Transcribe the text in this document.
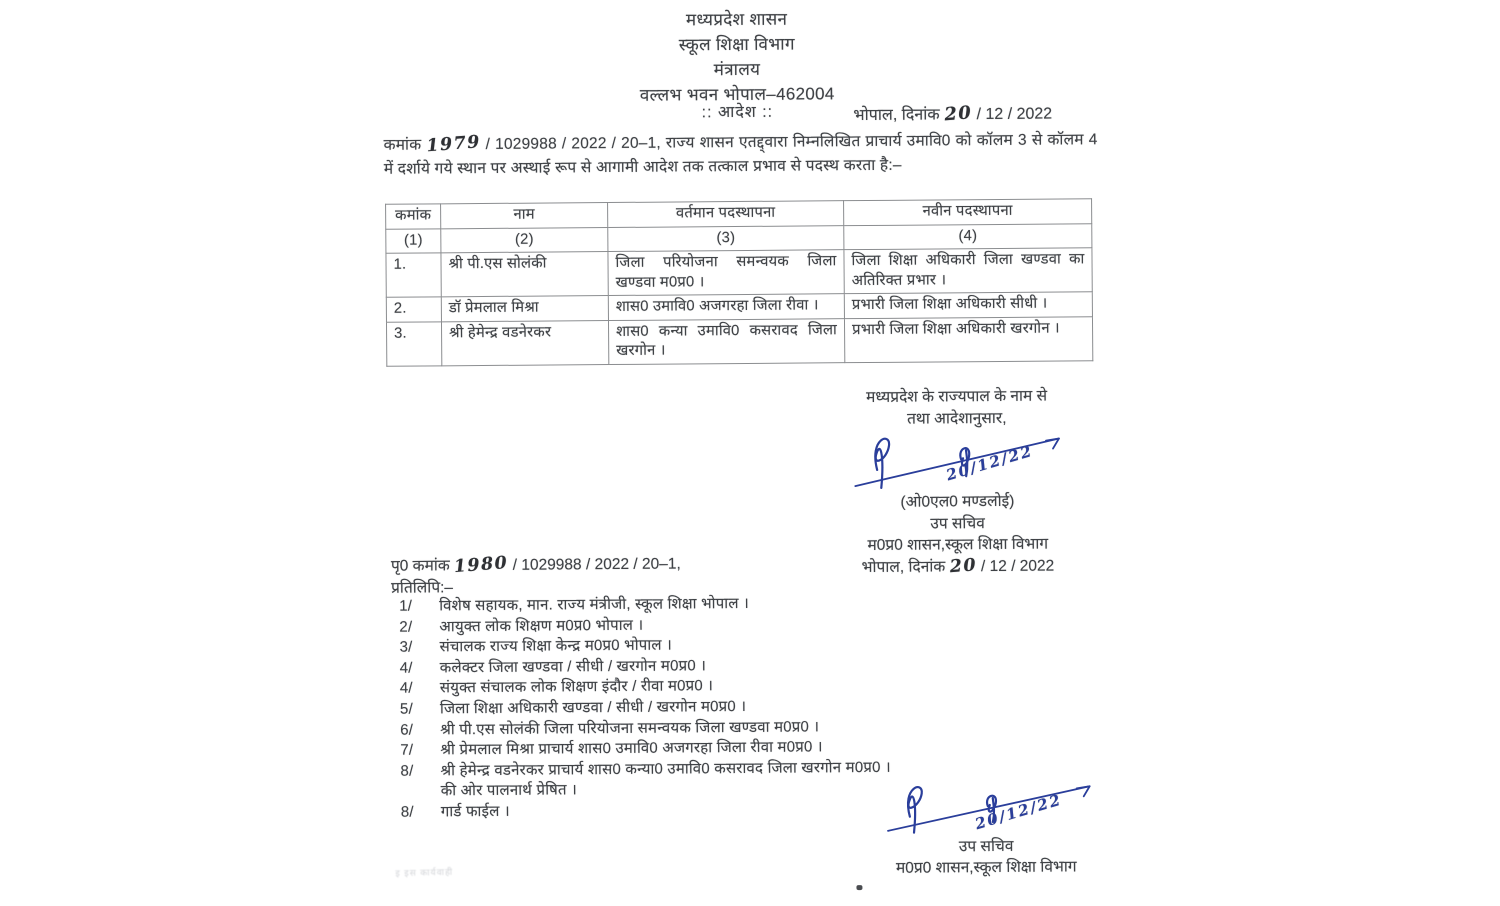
मध्यप्रदेश शासन
स्कूल शिक्षा विभाग
मंत्रालय
वल्लभ भवन भोपाल–462004
:: आदेश ::	भोपाल, दिनांक 20 / 12 / 2022
कमांक 1979 / 1029988 / 2022 / 20–1, राज्य शासन एतद्द्वारा निम्नलिखित प्राचार्य उमावि0 को कॉलम 3 से कॉलम 4 में दर्शाये गये स्थान पर अस्थाई रूप से आगामी आदेश तक तत्काल प्रभाव से पदस्थ करता है:–
कमांक	नाम	वर्तमान पदस्थापना	नवीन पदस्थापना
(1)	(2)	(3)	(4)
1.	श्री पी.एस सोलंकी	जिला परियोजना समन्वयक जिला खण्डवा म0प्र0 ।	जिला शिक्षा अधिकारी जिला खण्डवा का अतिरिक्त प्रभार ।
2.	डॉ प्रेमलाल मिश्रा	शास0 उमावि0 अजगरहा जिला रीवा ।	प्रभारी जिला शिक्षा अधिकारी सीधी ।
3.	श्री हेमेन्द्र वडनेरकर	शास0 कन्या उमावि0 कसरावद जिला खरगोन ।	प्रभारी जिला शिक्षा अधिकारी खरगोन ।
मध्यप्रदेश के राज्यपाल के नाम से
तथा आदेशानुसार,
20/12/22
(ओ0एल0 मण्डलोई)
उप सचिव
म0प्र0 शासन,स्कूल शिक्षा विभाग
भोपाल, दिनांक 20 / 12 / 2022
पृ0 कमांक 1980 / 1029988 / 2022 / 20–1,
प्रतिलिपि:–
1/	विशेष सहायक, मान. राज्य मंत्रीजी, स्कूल शिक्षा भोपाल ।
2/	आयुक्त लोक शिक्षण म0प्र0 भोपाल ।
3/	संचालक राज्य शिक्षा केन्द्र म0प्र0 भोपाल ।
4/	कलेक्टर जिला खण्डवा / सीधी / खरगोन म0प्र0 ।
4/	संयुक्त संचालक लोक शिक्षण इंदौर / रीवा म0प्र0 ।
5/	जिला शिक्षा अधिकारी खण्डवा / सीधी / खरगोन म0प्र0 ।
6/	श्री पी.एस सोलंकी जिला परियोजना समन्वयक जिला खण्डवा म0प्र0 ।
7/	श्री प्रेमलाल मिश्रा प्राचार्य शास0 उमावि0 अजगरहा जिला रीवा म0प्र0 ।
8/	श्री हेमेन्द्र वडनेरकर प्राचार्य शास0 कन्या0 उमावि0 कसरावद जिला खरगोन म0प्र0 ।
की ओर पालनार्थ प्रेषित ।
8/	गार्ड फाईल ।	20/12/22
उप सचिव
म0प्र0 शासन,स्कूल शिक्षा विभाग
इ इस कार्यवाही
